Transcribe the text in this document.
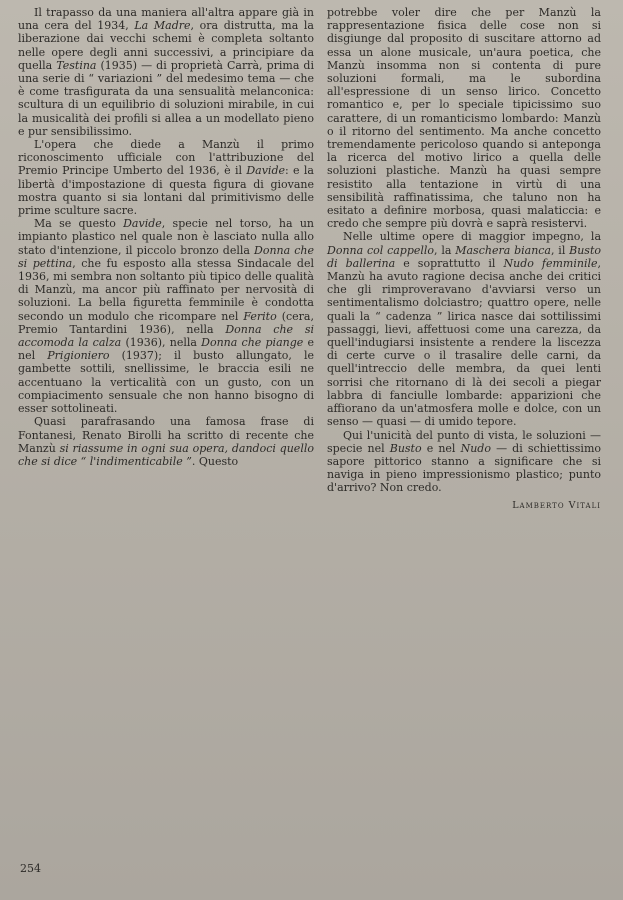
Il trapasso da una maniera all'altra appare già in una cera del 1934, La Madre, ora distrutta, ma la liberazione dai vecchi schemi è completa soltanto nelle opere degli anni successivi, a principiare da quella Testina (1935) — di proprietà Carrà, prima di una serie di “ variazioni ” del medesimo tema — che è come trasfigurata da una sensualità melanconica: scultura di un equilibrio di soluzioni mirabile, in cui la musicalità dei profili si allea a un modellato pieno e pur sensibilissimo.

L'opera che diede a Manzù il primo riconoscimento ufficiale con l'attribuzione del Premio Principe Umberto del 1936, è il Davide: e la libertà d'impostazione di questa figura di giovane mostra quanto si sia lontani dal primitivismo delle prime sculture sacre.

Ma se questo Davide, specie nel torso, ha un impianto plastico nel quale non è lasciato nulla allo stato d'intenzione, il piccolo bronzo della Donna che si pettina, che fu esposto alla stessa Sindacale del 1936, mi sembra non soltanto più tipico delle qualità di Manzù, ma ancor più raffinato per nervosità di soluzioni. La bella figuretta femminile è condotta secondo un modulo che ricompare nel Ferito (cera, Premio Tantardini 1936), nella Donna che si accomoda la calza (1936), nella Donna che piange e nel Prigioniero (1937); il busto allungato, le gambette sottili, snellissime, le braccia esili ne accentuano la verticalità con un gusto, con un compiacimento sensuale che non hanno bisogno di esser sottolineati.

Quasi parafrasando una famosa frase di Fontanesi, Renato Birolli ha scritto di recente che Manzù si riassume in ogni sua opera, dandoci quello che si dice “ l'indimenticabile ”. Questo

potrebbe voler dire che per Manzù la rappresentazione fisica delle cose non si disgiunge dal proposito di suscitare attorno ad essa un alone musicale, un'aura poetica, che Manzù insomma non si contenta di pure soluzioni formali, ma le subordina all'espressione di un senso lirico. Concetto romantico e, per lo speciale tipicissimo suo carattere, di un romanticismo lombardo: Manzù o il ritorno del sentimento. Ma anche concetto tremendamente pericoloso quando si anteponga la ricerca del motivo lirico a quella delle soluzioni plastiche. Manzù ha quasi sempre resistito alla tentazione in virtù di una sensibilità raffinatissima, che taluno non ha esitato a definire morbosa, quasi malaticcia: e credo che sempre più dovrà e saprà resistervi.

Nelle ultime opere di maggior impegno, la Donna col cappello, la Maschera bianca, il Busto di ballerina e soprattutto il Nudo femminile, Manzù ha avuto ragione decisa anche dei critici che gli rimproveravano d'avviarsi verso un sentimentalismo dolciastro; quattro opere, nelle quali la “ cadenza ” lirica nasce dai sottilissimi passaggi, lievi, affettuosi come una carezza, da quell'indugiarsi insistente a rendere la liscezza di certe curve o il trasalire delle carni, da quell'intreccio delle membra, da quei lenti sorrisi che ritornano di là dei secoli a piegar labbra di fanciulle lombarde: apparizioni che affiorano da un'atmosfera molle e dolce, con un senso — quasi — di umido tepore.

Qui l'unicità del punto di vista, le soluzioni — specie nel Busto e nel Nudo — di schiettissimo sapore pittorico stanno a significare che si naviga in pieno impressionismo plastico; punto d'arrivo? Non credo.

Lamberto Vitali
254
